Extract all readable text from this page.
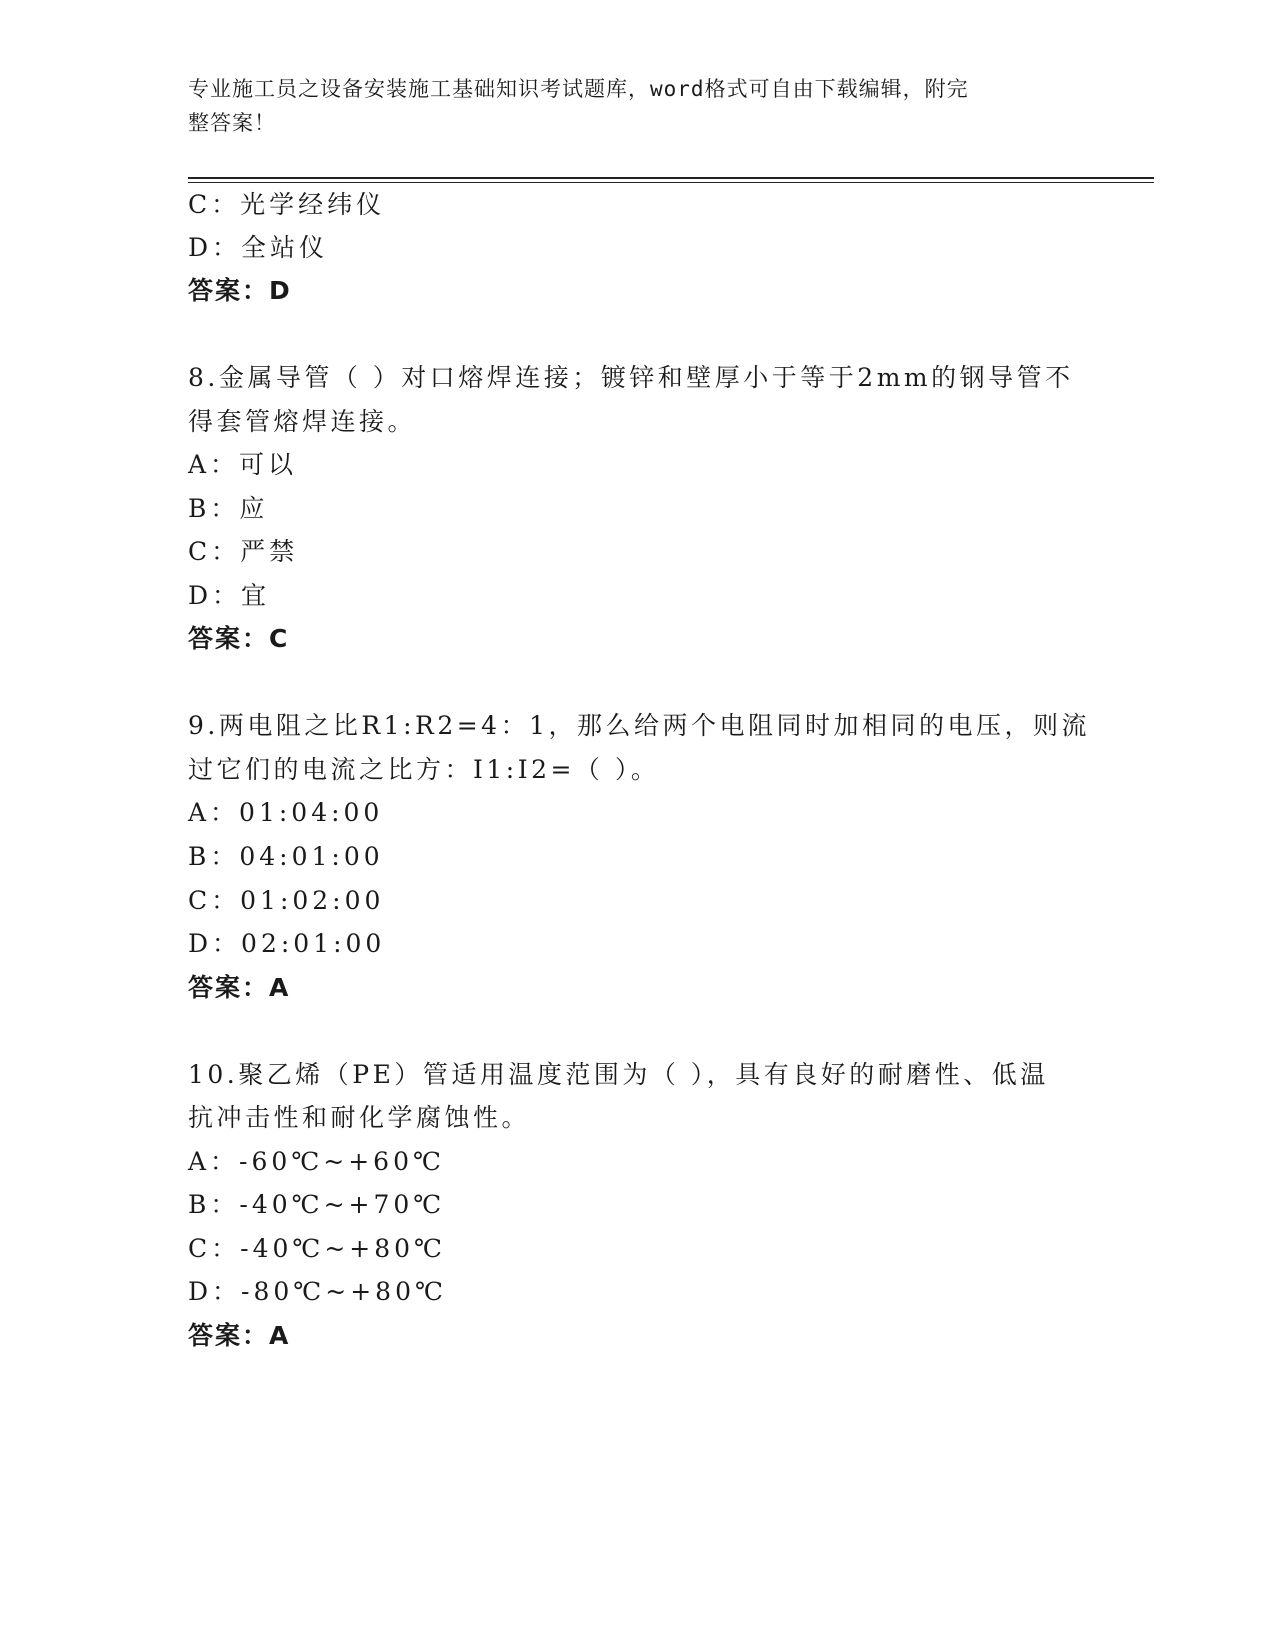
专业施工员之设备安装施工基础知识考试题库，word格式可自由下载编辑，附完
整答案！
C：光学经纬仪
D：全站仪
答案：D
8.金属导管（ ）对口熔焊连接；镀锌和壁厚小于等于2mm的钢导管不
得套管熔焊连接。
A：可以
B：应
C：严禁
D：宜
答案：C
9.两电阻之比R1:R2=4：1，那么给两个电阻同时加相同的电压，则流
过它们的电流之比方：I1:I2=（ ）。
A：01:04:00
B：04:01:00
C：01:02:00
D：02:01:00
答案：A
10.聚乙烯（PE）管适用温度范围为（ ），具有良好的耐磨性、低温
抗冲击性和耐化学腐蚀性。
A：-60℃~+60℃
B：-40℃~+70℃
C：-40℃~+80℃
D：-80℃~+80℃
答案：A
